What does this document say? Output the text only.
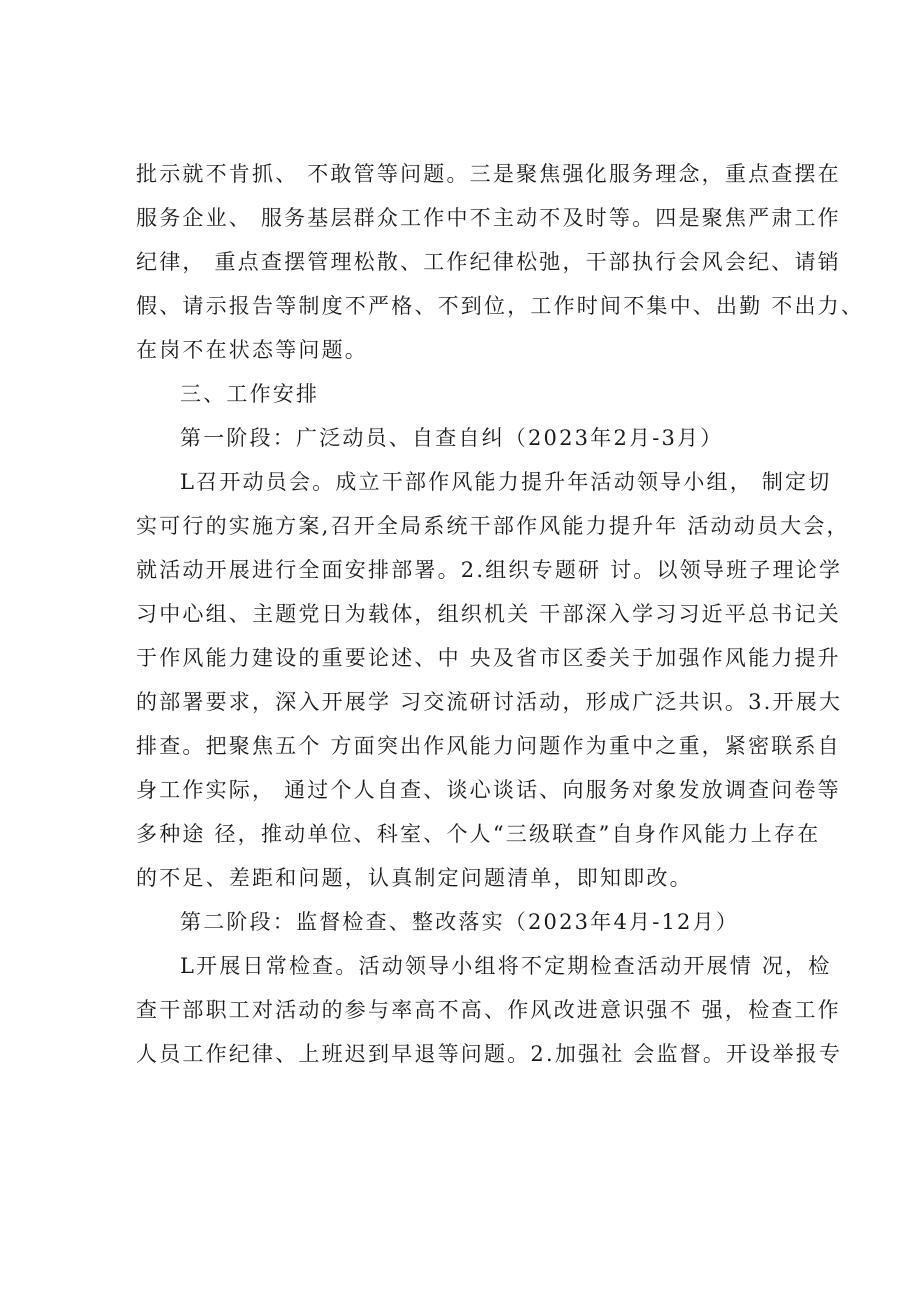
批示就不肯抓、 不敢管等问题。三是聚焦强化服务理念，重点查摆在
服务企业、 服务基层群众工作中不主动不及时等。四是聚焦严肃工作
纪律， 重点查摆管理松散、工作纪律松弛，干部执行会风会纪、请销
假、请示报告等制度不严格、不到位，工作时间不集中、出勤 不出力、
在岗不在状态等问题。
三、工作安排
第一阶段：广泛动员、自查自纠（2023年2月-3月）
L召开动员会。成立干部作风能力提升年活动领导小组， 制定切
实可行的实施方案,召开全局系统干部作风能力提升年 活动动员大会，
就活动开展进行全面安排部署。2.组织专题研 讨。以领导班子理论学
习中心组、主题党日为载体，组织机关 干部深入学习习近平总书记关
于作风能力建设的重要论述、中 央及省市区委关于加强作风能力提升
的部署要求，深入开展学 习交流研讨活动，形成广泛共识。3.开展大
排查。把聚焦五个 方面突出作风能力问题作为重中之重，紧密联系自
身工作实际， 通过个人自查、谈心谈话、向服务对象发放调查问卷等
多种途 径，推动单位、科室、个人“三级联查”自身作风能力上存在
的不足、差距和问题，认真制定问题清单，即知即改。
第二阶段：监督检查、整改落实（2023年4月-12月）
L开展日常检查。活动领导小组将不定期检查活动开展情 况，检
查干部职工对活动的参与率高不高、作风改进意识强不 强，检查工作
人员工作纪律、上班迟到早退等问题。2.加强社 会监督。开设举报专
